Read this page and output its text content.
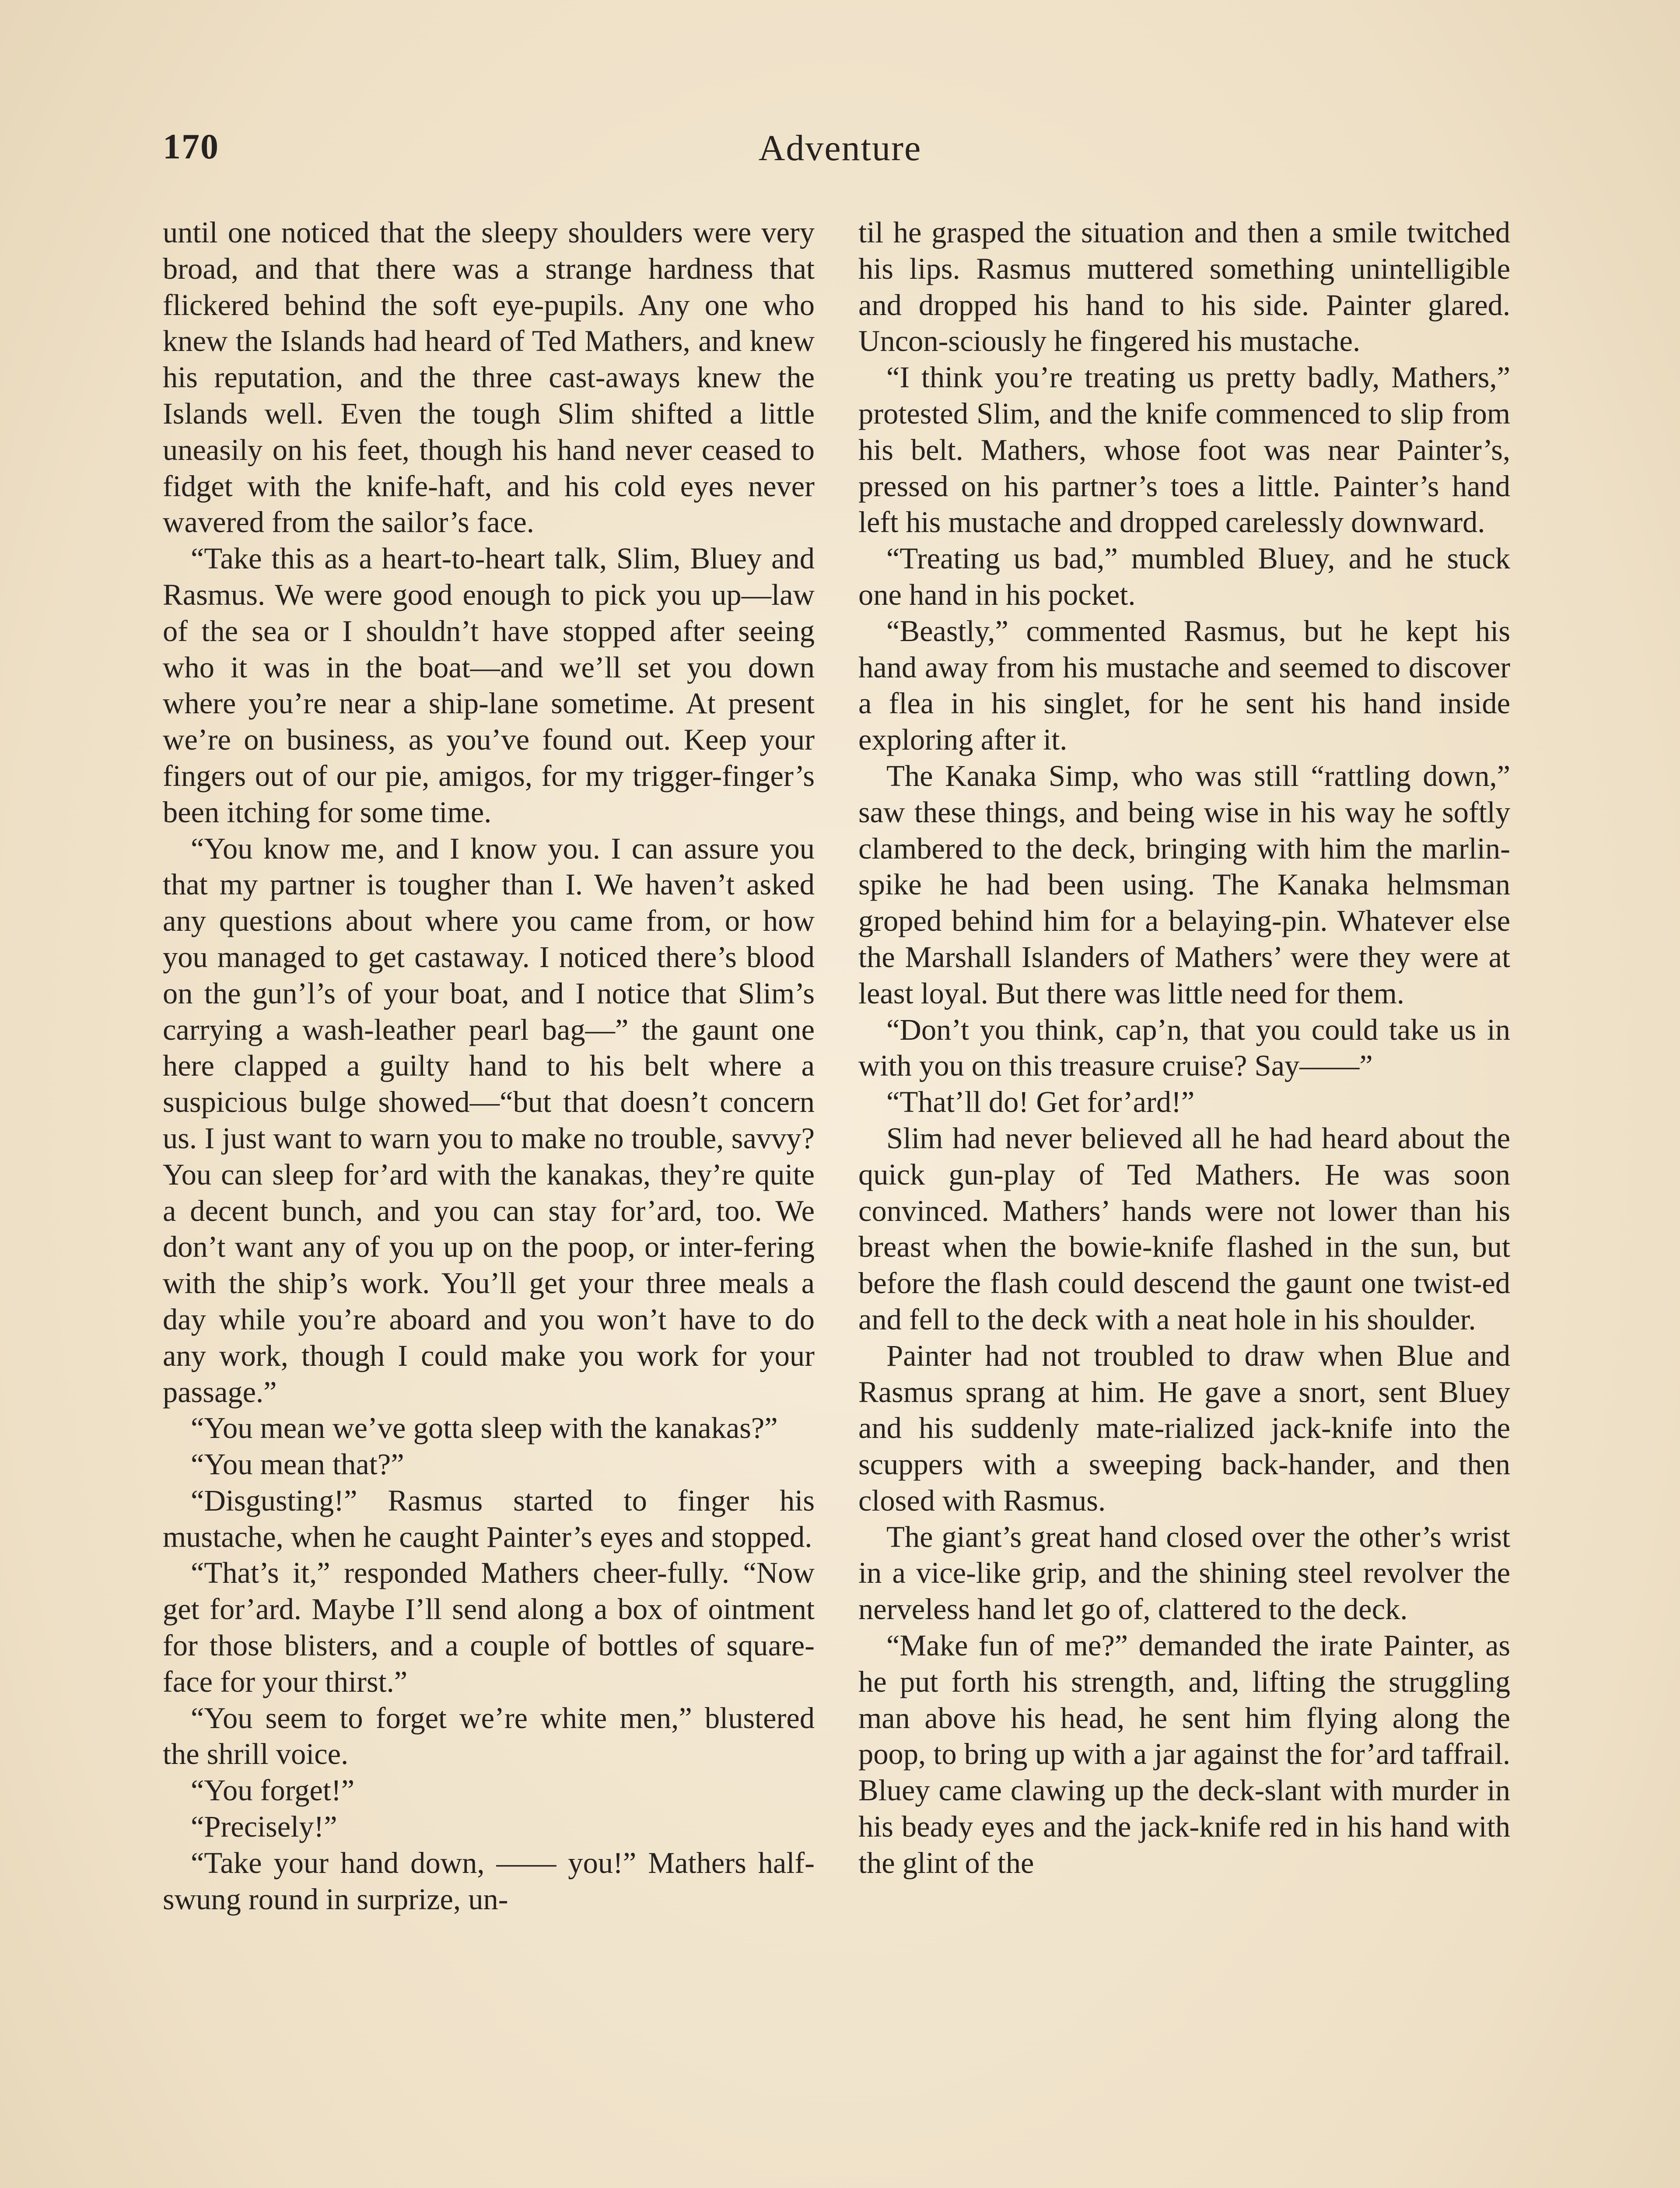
170	Adventure

until one noticed that the sleepy shoulders were very broad, and that there was a strange hardness that flickered behind the soft eye-pupils. Any one who knew the Islands had heard of Ted Mathers, and knew his reputation, and the three cast-aways knew the Islands well. Even the tough Slim shifted a little uneasily on his feet, though his hand never ceased to fidget with the knife-haft, and his cold eyes never wavered from the sailor’s face.

“Take this as a heart-to-heart talk, Slim, Bluey and Rasmus. We were good enough to pick you up—law of the sea or I shouldn’t have stopped after seeing who it was in the boat—and we’ll set you down where you’re near a ship-lane sometime. At present we’re on business, as you’ve found out. Keep your fingers out of our pie, amigos, for my trigger-finger’s been itching for some time.

“You know me, and I know you. I can assure you that my partner is tougher than I. We haven’t asked any questions about where you came from, or how you managed to get castaway. I noticed there’s blood on the gun’l’s of your boat, and I notice that Slim’s carrying a wash-leather pearl bag—” the gaunt one here clapped a guilty hand to his belt where a suspicious bulge showed—“but that doesn’t concern us. I just want to warn you to make no trouble, savvy? You can sleep for’ard with the kanakas, they’re quite a decent bunch, and you can stay for’ard, too. We don’t want any of you up on the poop, or inter-fering with the ship’s work. You’ll get your three meals a day while you’re aboard and you won’t have to do any work, though I could make you work for your passage.”

“You mean we’ve gotta sleep with the kanakas?”

“You mean that?”

“Disgusting!” Rasmus started to finger his mustache, when he caught Painter’s eyes and stopped.

“That’s it,” responded Mathers cheer-fully. “Now get for’ard. Maybe I’ll send along a box of ointment for those blisters, and a couple of bottles of square-face for your thirst.”

“You seem to forget we’re white men,” blustered the shrill voice.

“You forget!”

“Precisely!”

“Take your hand down, —— you!” Mathers half-swung round in surprize, un-

til he grasped the situation and then a smile twitched his lips. Rasmus muttered something unintelligible and dropped his hand to his side. Painter glared. Uncon-sciously he fingered his mustache.

“I think you’re treating us pretty badly, Mathers,” protested Slim, and the knife commenced to slip from his belt. Mathers, whose foot was near Painter’s, pressed on his partner’s toes a little. Painter’s hand left his mustache and dropped carelessly downward.

“Treating us bad,” mumbled Bluey, and he stuck one hand in his pocket.

“Beastly,” commented Rasmus, but he kept his hand away from his mustache and seemed to discover a flea in his singlet, for he sent his hand inside exploring after it.

The Kanaka Simp, who was still “rattling down,” saw these things, and being wise in his way he softly clambered to the deck, bringing with him the marlin-spike he had been using. The Kanaka helmsman groped behind him for a belaying-pin. Whatever else the Marshall Islanders of Mathers’ were they were at least loyal. But there was little need for them.

“Don’t you think, cap’n, that you could take us in with you on this treasure cruise? Say——”

“That’ll do! Get for’ard!”

Slim had never believed all he had heard about the quick gun-play of Ted Mathers. He was soon convinced. Mathers’ hands were not lower than his breast when the bowie-knife flashed in the sun, but before the flash could descend the gaunt one twist-ed and fell to the deck with a neat hole in his shoulder.

Painter had not troubled to draw when Blue and Rasmus sprang at him. He gave a snort, sent Bluey and his suddenly mate-rialized jack-knife into the scuppers with a sweeping back-hander, and then closed with Rasmus.

The giant’s great hand closed over the other’s wrist in a vice-like grip, and the shining steel revolver the nerveless hand let go of, clattered to the deck.

“Make fun of me?” demanded the irate Painter, as he put forth his strength, and, lifting the struggling man above his head, he sent him flying along the poop, to bring up with a jar against the for’ard taffrail. Bluey came clawing up the deck-slant with murder in his beady eyes and the jack-knife red in his hand with the glint of the
